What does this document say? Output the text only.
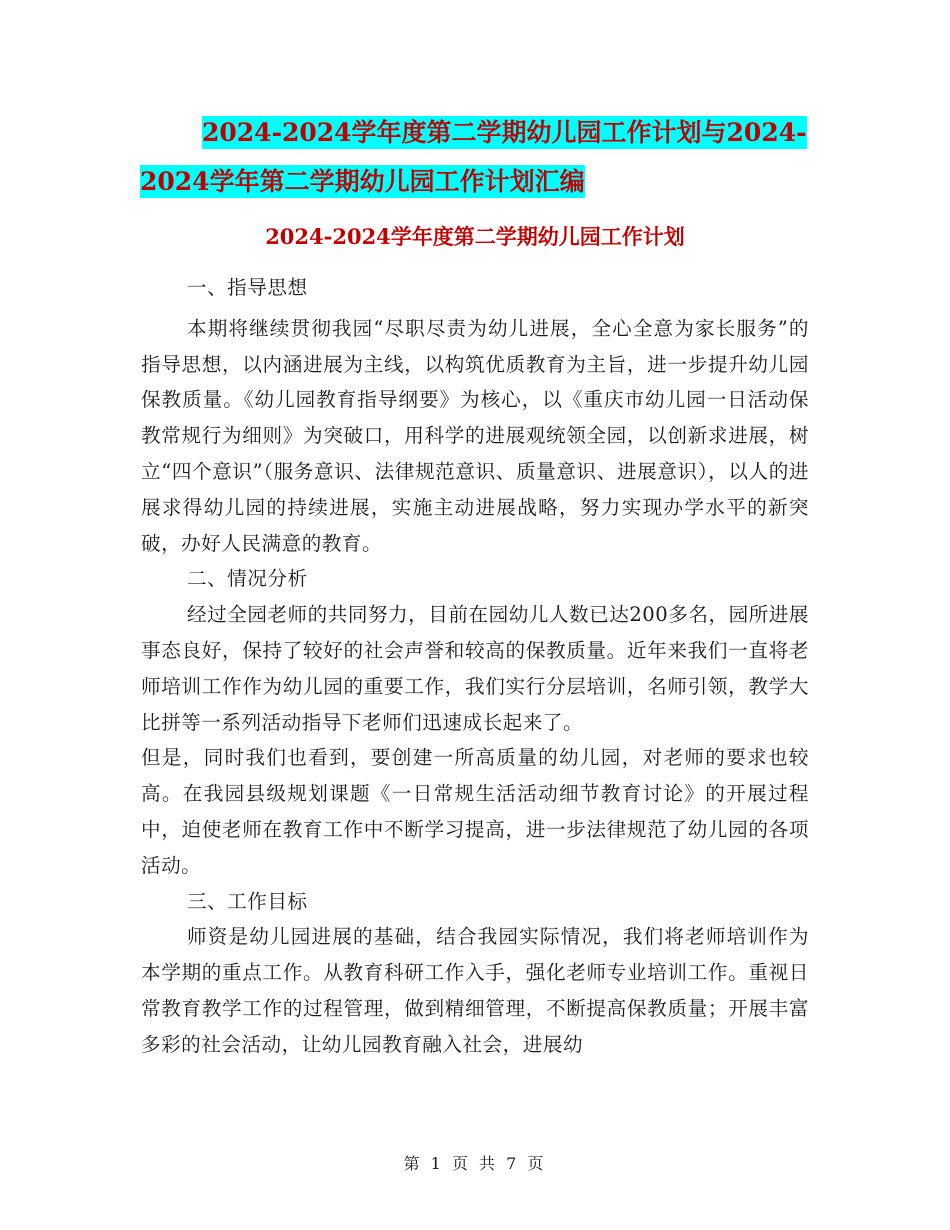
2024-2024学年度第二学期幼儿园工作计划与2024-
2024学年第二学期幼儿园工作计划汇编
2024-2024学年度第二学期幼儿园工作计划

一、指导思想

本期将继续贯彻我园“尽职尽责为幼儿进展，全心全意为家长服务”的指导思想，以内涵进展为主线，以构筑优质教育为主旨，进一步提升幼儿园保教质量。《幼儿园教育指导纲要》为核心，以《重庆市幼儿园一日活动保教常规行为细则》为突破口，用科学的进展观统领全园，以创新求进展，树立“四个意识”（服务意识、法律规范意识、质量意识、进展意识），以人的进展求得幼儿园的持续进展，实施主动进展战略，努力实现办学水平的新突破，办好人民满意的教育。

二、情况分析

经过全园老师的共同努力，目前在园幼儿人数已达200多名，园所进展事态良好，保持了较好的社会声誉和较高的保教质量。近年来我们一直将老师培训工作作为幼儿园的重要工作，我们实行分层培训，名师引领，教学大比拼等一系列活动指导下老师们迅速成长起来了。

但是，同时我们也看到，要创建一所高质量的幼儿园，对老师的要求也较高。在我园县级规划课题《一日常规生活活动细节教育讨论》的开展过程中，迫使老师在教育工作中不断学习提高，进一步法律规范了幼儿园的各项活动。

三、工作目标

师资是幼儿园进展的基础，结合我园实际情况，我们将老师培训作为本学期的重点工作。从教育科研工作入手，强化老师专业培训工作。重视日常教育教学工作的过程管理，做到精细管理，不断提高保教质量；开展丰富多彩的社会活动，让幼儿园教育融入社会，进展幼

第 1 页 共 7 页
